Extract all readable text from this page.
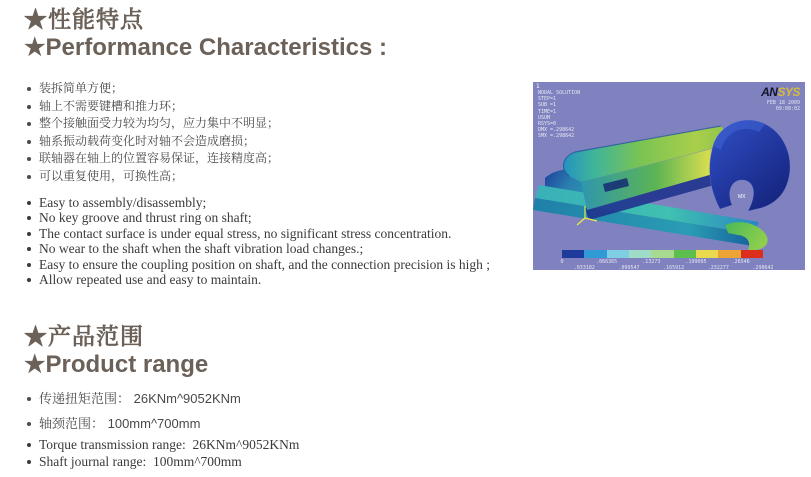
★性能特点
★Performance Characteristics :
装拆简单方便；
轴上不需要键槽和推力环；
整个接触面受力较为均匀，应力集中不明显；
轴系振动载荷变化时对轴不会造成磨损；
联轴器在轴上的位置容易保证，连接精度高；
可以重复使用，可换性高；
Easy to assembly/disassembly;
No key groove and thrust ring on shaft;
The contact surface is under equal stress, no significant stress concentration.
No wear to the shaft when the shaft vibration load changes.;
Easy to ensure the coupling position on shaft, and the connection precision is high ;
Allow repeated use and easy to maintain.
1
NODAL SOLUTION
STEP=1
SUB =1
TIME=1
USUM
RSYS=0
DMX =.298642
SMX =.298642
ANSYS
FEB 18 2009
09:08:02
MX
0	.066365	.13273	.199095	.26546
.033182	.099547	.165912	.232277	.298642
★产品范围
★Product range
传递扭矩范围： 26KNm^9052KNm
轴颈范围： 100mm^700mm
Torque transmission range:  26KNm^9052KNm
Shaft journal range:  100mm^700mm
